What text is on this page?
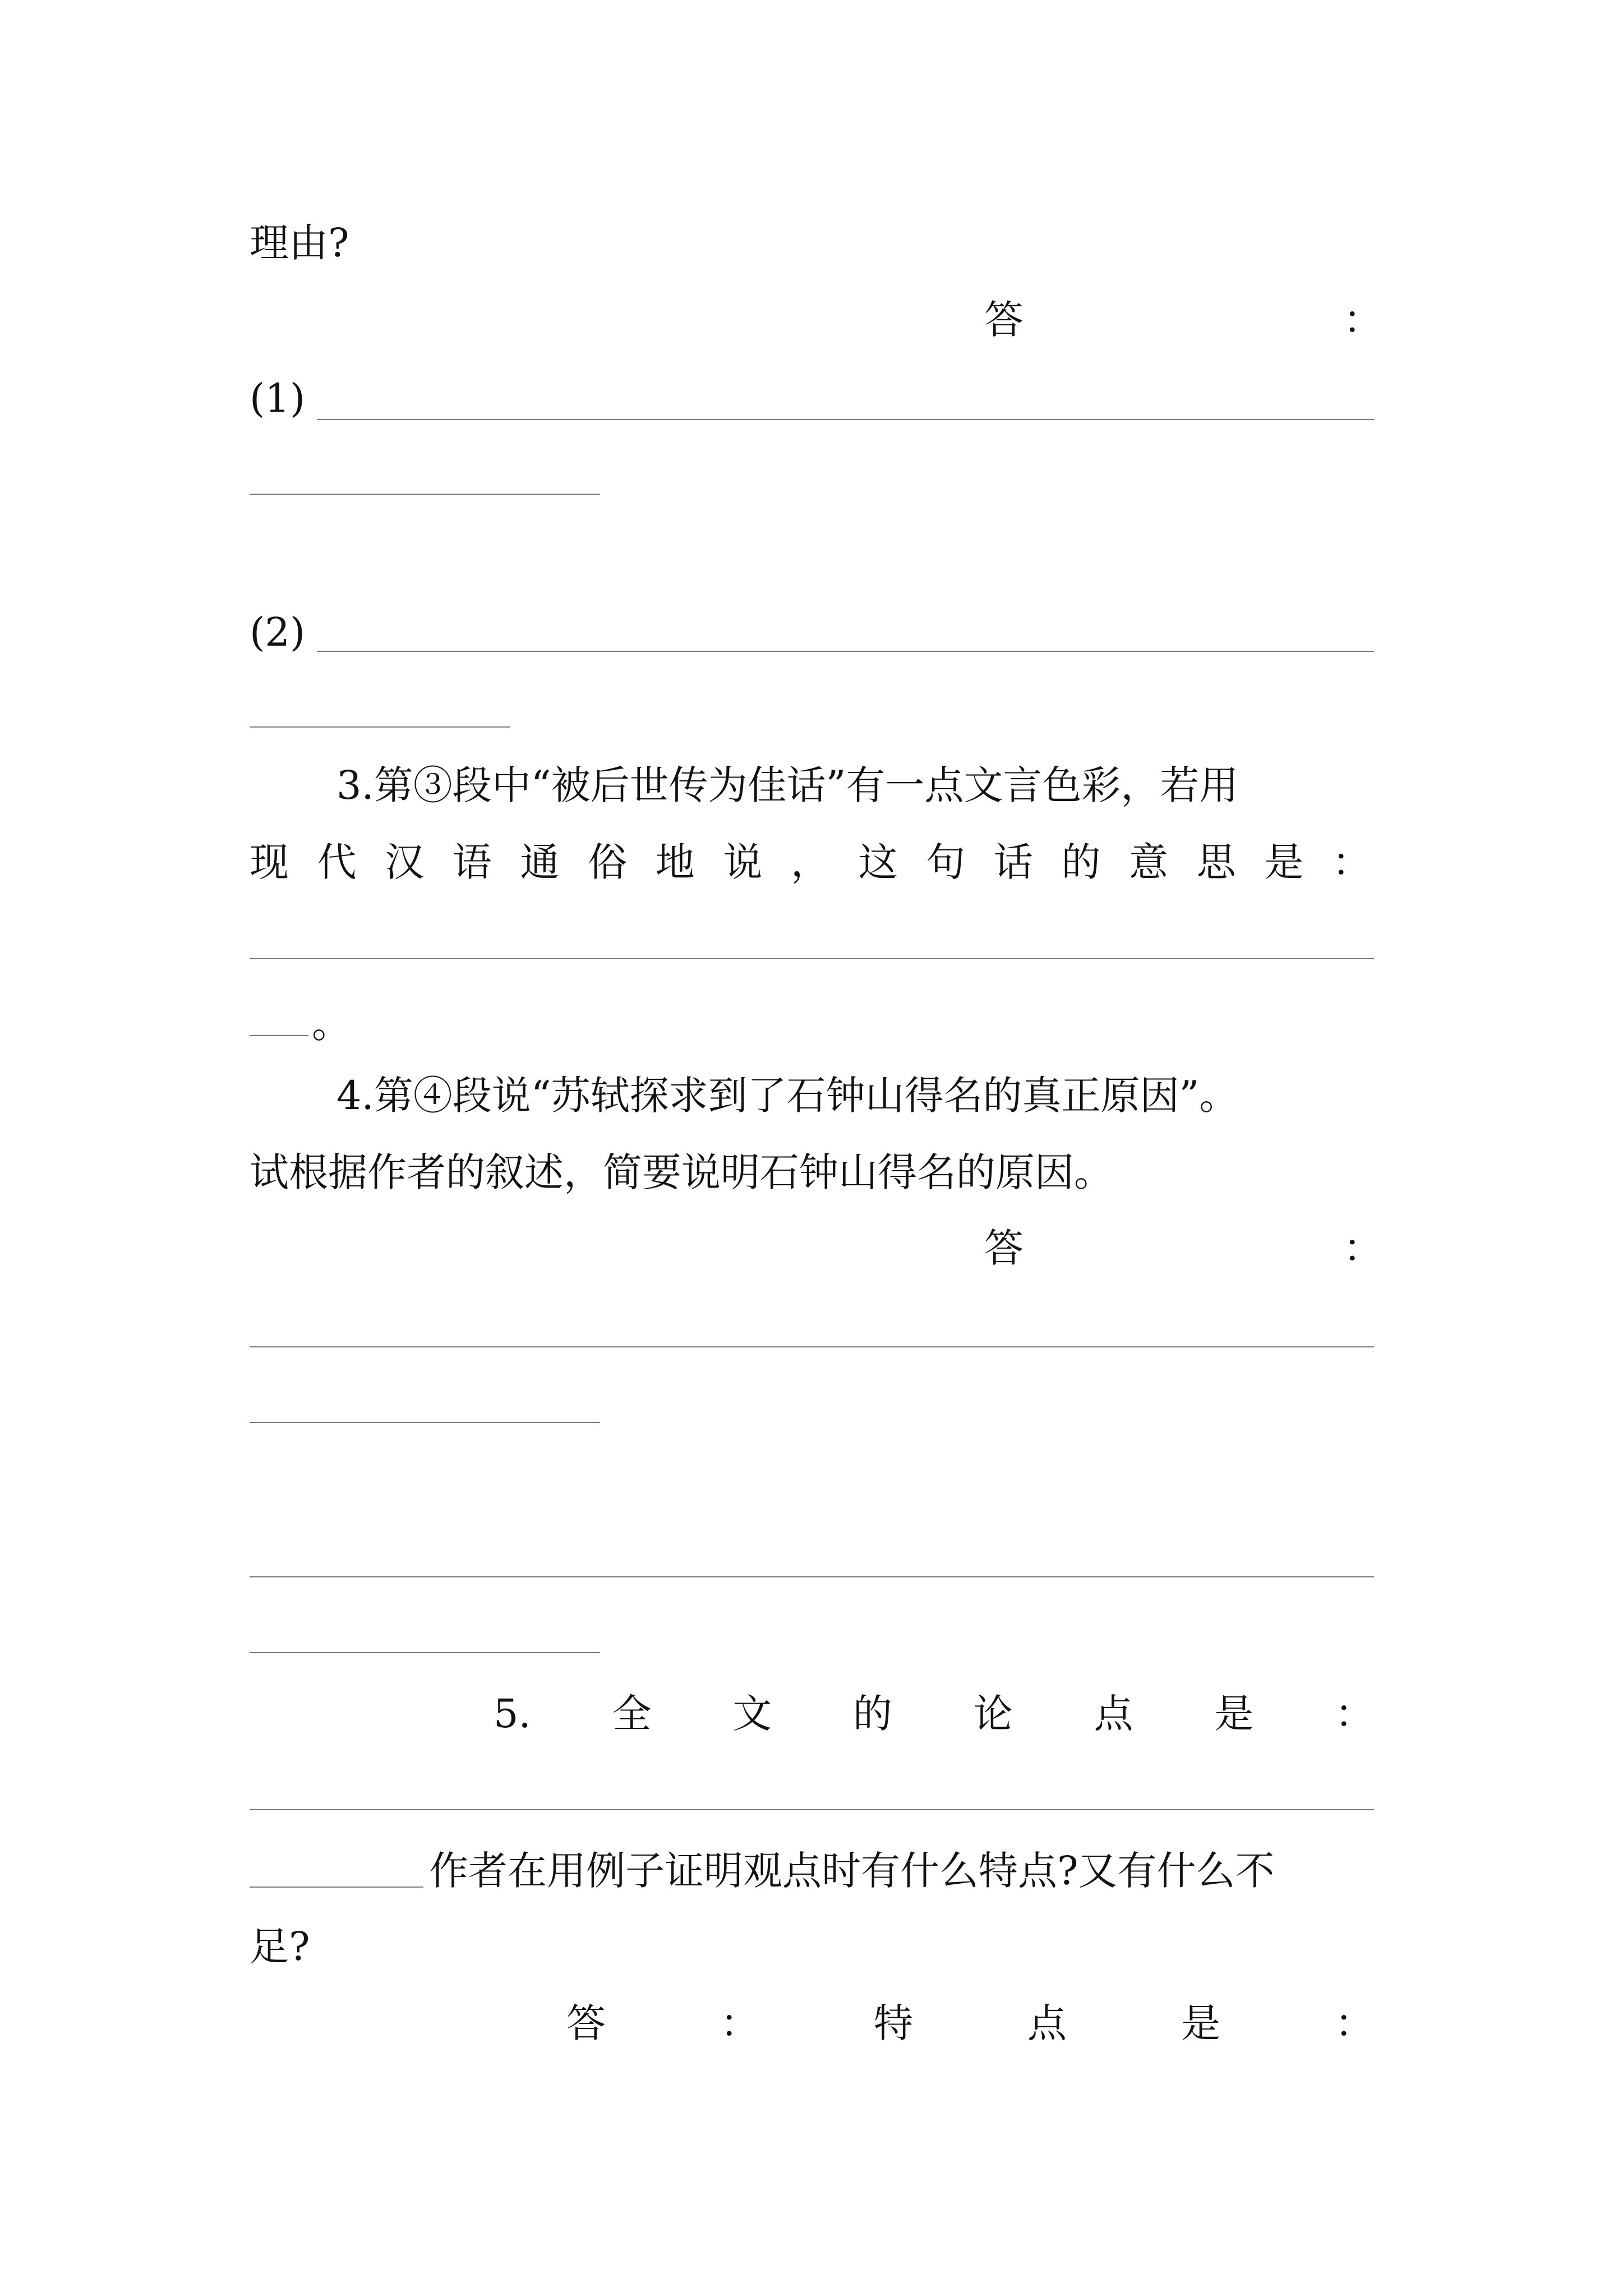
理由?
答	：
(1)
(2)
3.第③段中“被后世传为佳话”有一点文言色彩，若用
现 代 汉 语 通 俗 地 说 ， 这 句 话 的 意 思 是 ：
。
4.第④段说“苏轼探求到了石钟山得名的真正原因”。
试根据作者的叙述，简要说明石钟山得名的原因。
答	：
5. 全 文 的 论 点 是 ：
作者在用例子证明观点时有什么特点?又有什么不
足?
答	：	特	点	是	：
